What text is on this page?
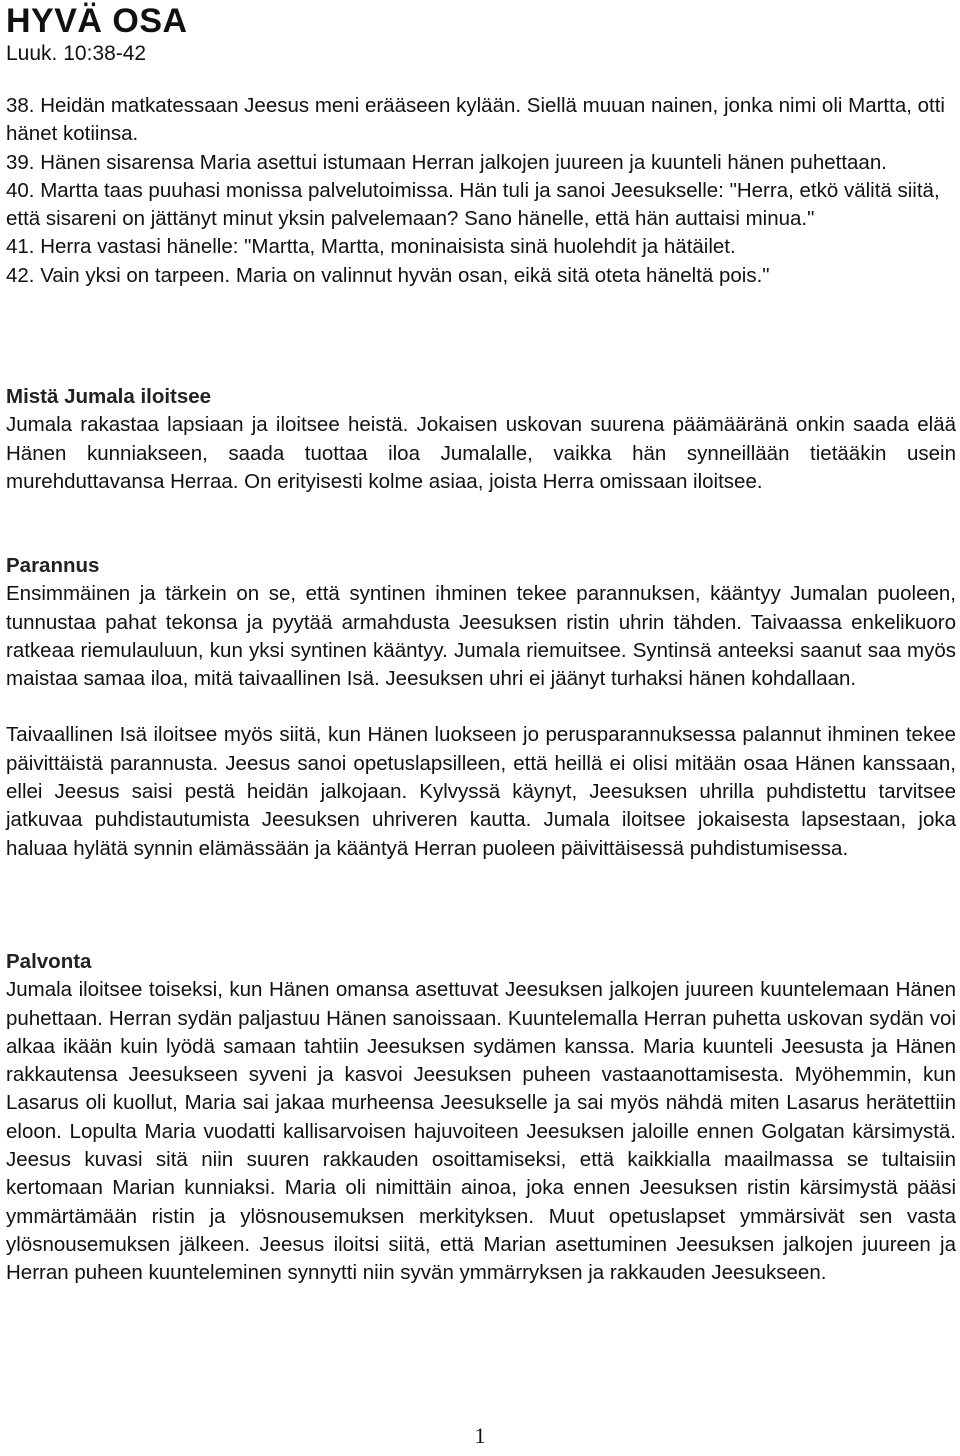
HYVÄ OSA
Luuk. 10:38-42

38. Heidän matkatessaan Jeesus meni erääseen kylään. Siellä muuan nainen, jonka nimi oli Martta, otti hänet kotiinsa.

39. Hänen sisarensa Maria asettui istumaan Herran jalkojen juureen ja kuunteli hänen puhettaan.

40. Martta taas puuhasi monissa palvelutoimissa. Hän tuli ja sanoi Jeesukselle: "Herra, etkö välitä siitä, että sisareni on jättänyt minut yksin palvelemaan? Sano hänelle, että hän auttaisi minua."

41. Herra vastasi hänelle: "Martta, Martta, moninaisista sinä huolehdit ja hätäilet.

42. Vain yksi on tarpeen. Maria on valinnut hyvän osan, eikä sitä oteta häneltä pois."

Mistä Jumala iloitsee

Jumala rakastaa lapsiaan ja iloitsee heistä. Jokaisen uskovan suurena päämääränä onkin saada elää Hänen kunniakseen, saada tuottaa iloa Jumalalle, vaikka hän synneillään tietääkin usein murehduttavansa Herraa. On erityisesti kolme asiaa, joista Herra omissaan iloitsee.

Parannus

Ensimmäinen ja tärkein on se, että syntinen ihminen tekee parannuksen, kääntyy Jumalan puoleen, tunnustaa pahat tekonsa ja pyytää armahdusta Jeesuksen ristin uhrin tähden. Taivaassa enkelikuoro ratkeaa riemulauluun, kun yksi syntinen kääntyy. Jumala riemuitsee. Syntinsä anteeksi saanut saa myös maistaa samaa iloa, mitä taivaallinen Isä. Jeesuksen uhri ei jäänyt turhaksi hänen kohdallaan.

Taivaallinen Isä iloitsee myös siitä, kun Hänen luokseen jo perusparannuksessa palannut ihminen tekee päivittäistä parannusta. Jeesus sanoi opetuslapsilleen, että heillä ei olisi mitään osaa Hänen kanssaan, ellei Jeesus saisi pestä heidän jalkojaan. Kylvyssä käynyt, Jeesuksen uhrilla puhdistettu tarvitsee jatkuvaa puhdistautumista Jeesuksen uhriveren kautta. Jumala iloitsee jokaisesta lapsestaan, joka haluaa hylätä synnin elämässään ja kääntyä Herran puoleen päivittäisessä puhdistumisessa.

Palvonta

Jumala iloitsee toiseksi, kun Hänen omansa asettuvat Jeesuksen jalkojen juureen kuuntelemaan Hänen puhettaan. Herran sydän paljastuu Hänen sanoissaan. Kuuntelemalla Herran puhetta uskovan sydän voi alkaa ikään kuin lyödä samaan tahtiin Jeesuksen sydämen kanssa. Maria kuunteli Jeesusta ja Hänen rakkautensa Jeesukseen syveni ja kasvoi Jeesuksen puheen vastaanottamisesta. Myöhemmin, kun Lasarus oli kuollut, Maria sai jakaa murheensa Jeesukselle ja sai myös nähdä miten Lasarus herätettiin eloon. Lopulta Maria vuodatti kallisarvoisen hajuvoiteen Jeesuksen jaloille ennen Golgatan kärsimystä. Jeesus kuvasi sitä niin suuren rakkauden osoittamiseksi, että kaikkialla maailmassa se tultaisiin kertomaan Marian kunniaksi. Maria oli nimittäin ainoa, joka ennen Jeesuksen ristin kärsimystä pääsi ymmärtämään ristin ja ylösnousemuksen merkityksen. Muut opetuslapset ymmärsivät sen vasta ylösnousemuksen jälkeen. Jeesus iloitsi siitä, että Marian asettuminen Jeesuksen jalkojen juureen ja Herran puheen kuunteleminen synnytti niin syvän ymmärryksen ja rakkauden Jeesukseen.

1
